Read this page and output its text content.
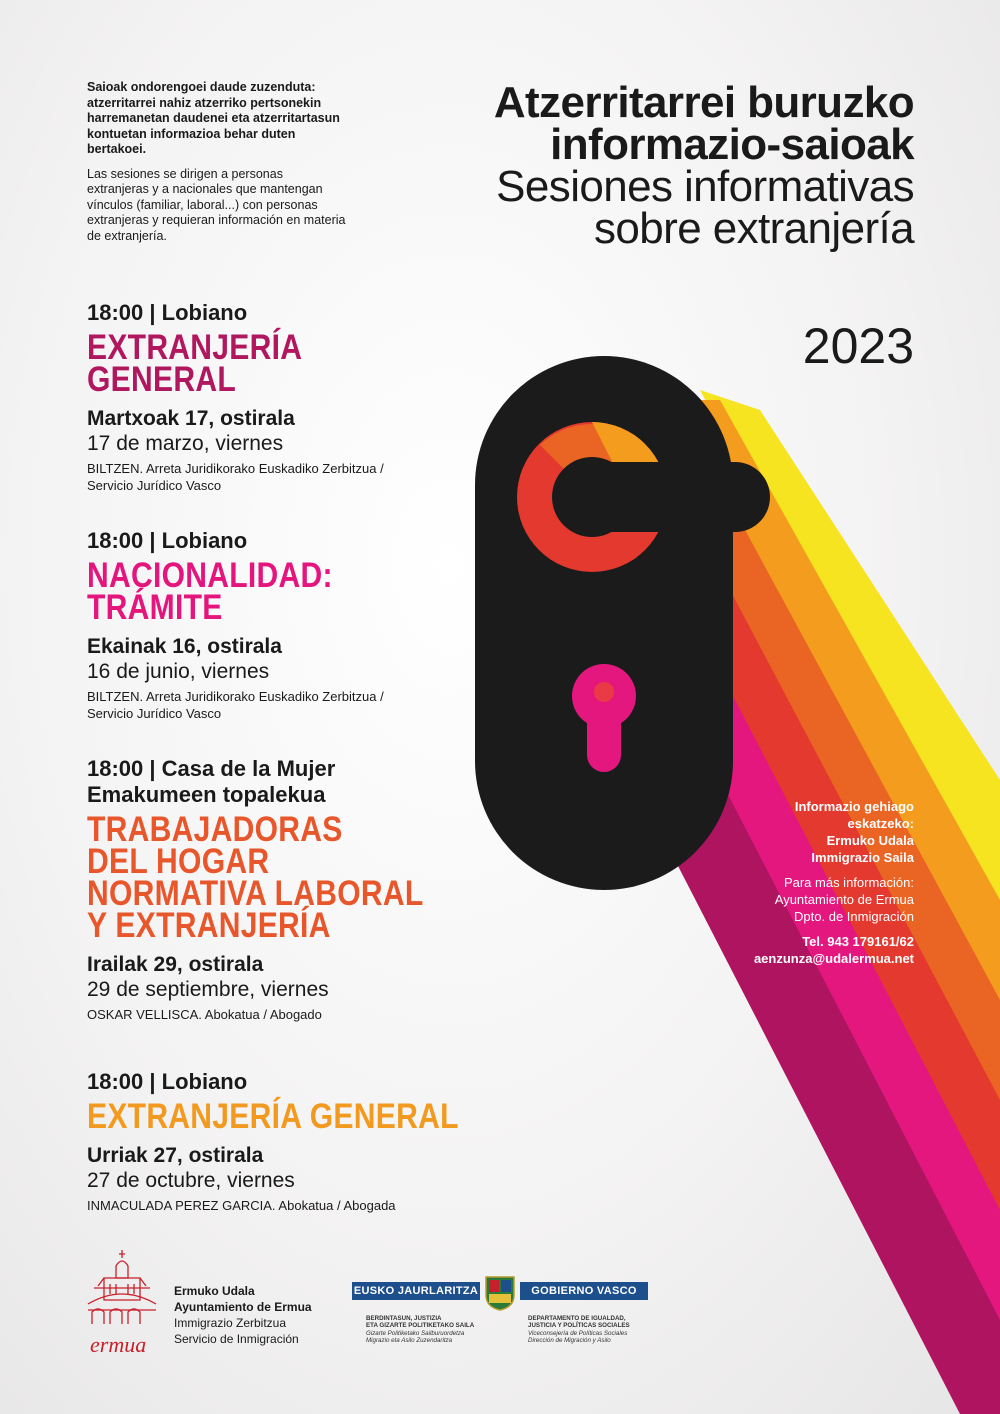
Saioak ondorengoei daude zuzenduta: atzerritarrei nahiz atzerriko pertsonekin harremanetan daudenei eta atzerritartasun kontuetan informazioa behar duten bertakoei.

Las sesiones se dirigen a personas extranjeras y a nacionales que mantengan vínculos (familiar, laboral...) con personas extranjeras y requieran información en materia de extranjería.

Atzerritarrei buruzko
informazio-saioak
Sesiones informativas
sobre extranjería
2023
18:00 | Lobiano
EXTRANJERÍA
GENERAL
Martxoak 17, ostirala
17 de marzo, viernes
BILTZEN. Arreta Juridikorako Euskadiko Zerbitzua /
Servicio Jurídico Vasco
18:00 | Lobiano
NACIONALIDAD:
TRÁMITE
Ekainak 16, ostirala
16 de junio, viernes
BILTZEN. Arreta Juridikorako Euskadiko Zerbitzua /
Servicio Jurídico Vasco
18:00 | Casa de la Mujer
Emakumeen topalekua
TRABAJADORAS
DEL HOGAR
NORMATIVA LABORAL
Y EXTRANJERÍA
Irailak 29, ostirala
29 de septiembre, viernes
OSKAR VELLISCA. Abokatua / Abogado
18:00 | Lobiano
EXTRANJERÍA GENERAL
Urriak 27, ostirala
27 de octubre, viernes
INMACULADA PEREZ GARCIA. Abokatua / Abogada
Informazio gehiago
eskatzeko:
Ermuko Udala
Immigrazio Saila
Para más información:
Ayuntamiento de Ermua
Dpto. de Inmigración
Tel. 943 179161/62
aenzunza@udalermua.net
ermua
Ermuko Udala
Ayuntamiento de Ermua
Immigrazio Zerbitzua
Servicio de Inmigración
EUSKO JAURLARITZA	GOBIERNO VASCO
BERDINTASUN, JUSTIZIA
ETA GIZARTE POLITIKETAKO SAILA
Gizarte Politiketako Sailburuordetza
Migrazio eta Asilo Zuzendaritza
DEPARTAMENTO DE IGUALDAD,
JUSTICIA Y POLÍTICAS SOCIALES
Viceconsejería de Políticas Sociales
Dirección de Migración y Asilo
